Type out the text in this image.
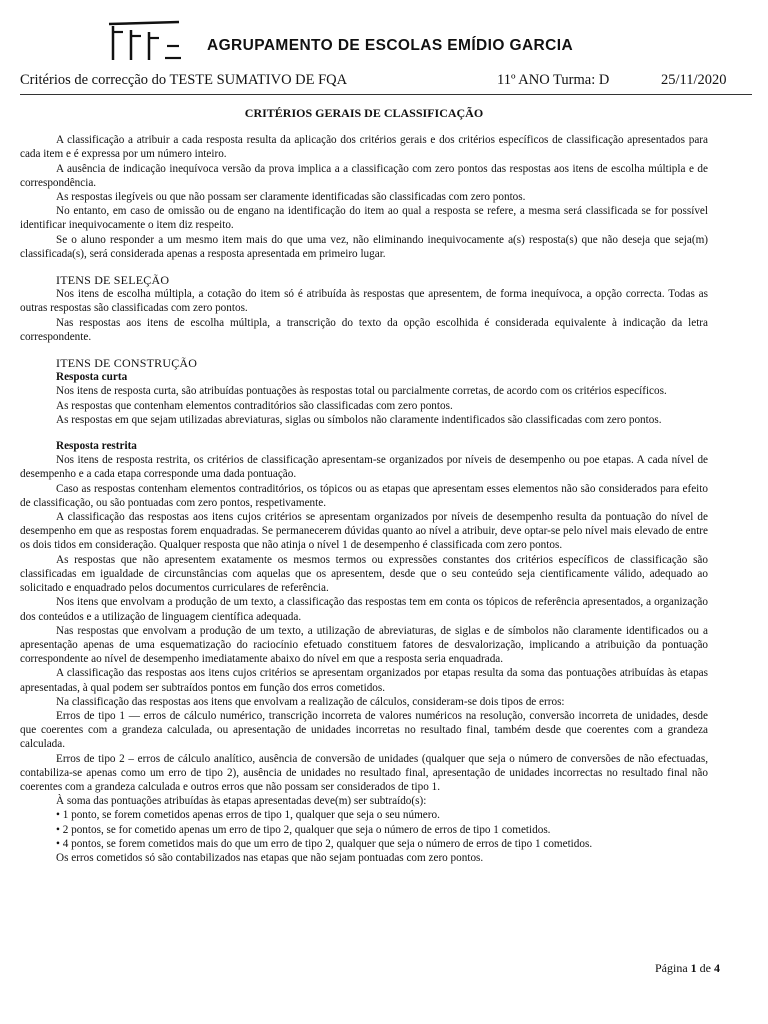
AGRUPAMENTO DE ESCOLAS EMÍDIO GARCIA
Critérios de correcção do TESTE SUMATIVO DE FQA	11º ANO Turma: D	25/11/2020
CRITÉRIOS GERAIS DE CLASSIFICAÇÃO

A classificação a atribuir a cada resposta resulta da aplicação dos critérios gerais e dos critérios específicos de classificação apresentados para cada item e é expressa por um número inteiro.

A ausência de indicação inequívoca versão da prova implica a a classificação com zero pontos das respostas aos itens de escolha múltipla e de correspondência.

As respostas ilegíveis ou que não possam ser claramente identificadas são classificadas com zero pontos.

No entanto, em caso de omissão ou de engano na identificação do item ao qual a resposta se refere, a mesma será classificada se for possível identificar inequivocamente o item diz respeito.

Se o aluno responder a um mesmo item mais do que uma vez, não eliminando inequivocamente a(s) resposta(s) que não deseja que seja(m) classificada(s), será considerada apenas a resposta apresentada em primeiro lugar.

ITENS DE SELEÇÃO

Nos itens de escolha múltipla, a cotação do item só é atribuída às respostas que apresentem, de forma inequívoca, a opção correcta. Todas as outras respostas são classificadas com zero pontos.

Nas respostas aos itens de escolha múltipla, a transcrição do texto da opção escolhida é considerada equivalente à indicação da letra correspondente.

ITENS DE CONSTRUÇÃO
Resposta curta

Nos itens de resposta curta, são atribuídas pontuações às respostas total ou parcialmente corretas, de acordo com os critérios específicos.

As respostas que contenham elementos contraditórios são classificadas com zero pontos.

As respostas em que sejam utilizadas abreviaturas, siglas ou símbolos não claramente indentificados são classificadas com zero pontos.

Resposta restrita

Nos itens de resposta restrita, os critérios de classificação apresentam-se organizados por níveis de desempenho ou poe etapas. A cada nível de desempenho e a cada etapa corresponde uma dada pontuação.

Caso as respostas contenham elementos contraditórios, os tópicos ou as etapas que apresentam esses elementos não são considerados para efeito de classificação, ou são pontuadas com zero pontos, respetivamente.

A classificação das respostas aos itens cujos critérios se apresentam organizados por níveis de desempenho resulta da pontuação do nível de desempenho em que as respostas forem enquadradas. Se permanecerem dúvidas quanto ao nível a atribuir, deve optar-se pelo nível mais elevado de entre os dois tidos em consideração. Qualquer resposta que não atinja o nível 1 de desempenho é classificada com zero pontos.

As respostas que não apresentem exatamente os mesmos termos ou expressões constantes dos critérios específicos de classificação são classificadas em igualdade de circunstâncias com aquelas que os apresentem, desde que o seu conteúdo seja cientificamente válido, adequado ao solicitado e enquadrado pelos documentos curriculares de referência.

Nos itens que envolvam a produção de um texto, a classificação das respostas tem em conta os tópicos de referência apresentados, a organização dos conteúdos e a utilização de linguagem científica adequada.

Nas respostas que envolvam a produção de um texto, a utilização de abreviaturas, de siglas e de símbolos não claramente identificados ou a apresentação apenas de uma esquematização do raciocínio efetuado constituem fatores de desvalorização, implicando a atribuição da pontuação correspondente ao nível de desempenho imediatamente abaixo do nível em que a resposta seria enquadrada.

A classificação das respostas aos itens cujos critérios se apresentam organizados por etapas resulta da soma das pontuações atribuídas às etapas apresentadas, à qual podem ser subtraídos pontos em função dos erros cometidos.

Na classificação das respostas aos itens que envolvam a realização de cálculos, consideram-se dois tipos de erros:

Erros de tipo 1 — erros de cálculo numérico, transcrição incorreta de valores numéricos na resolução, conversão incorreta de unidades, desde que coerentes com a grandeza calculada, ou apresentação de unidades incorretas no resultado final, também desde que coerentes com a grandeza calculada.

Erros de tipo 2 – erros de cálculo analítico, ausência de conversão de unidades (qualquer que seja o número de conversões de não efectuadas, contabiliza-se apenas como um erro de tipo 2), ausência de unidades no resultado final, apresentação de unidades incorrectas no resultado final não coerentes com a grandeza calculada e outros erros que não possam ser considerados de tipo 1.

À soma das pontuações atribuídas às etapas apresentadas deve(m) ser subtraído(s):

• 1 ponto, se forem cometidos apenas erros de tipo 1, qualquer que seja o seu número.

• 2 pontos, se for cometido apenas um erro de tipo 2, qualquer que seja o número de erros de tipo 1 cometidos.

• 4 pontos, se forem cometidos mais do que um erro de tipo 2, qualquer que seja o número de erros de tipo 1 cometidos.

Os erros cometidos só são contabilizados nas etapas que não sejam pontuadas com zero pontos.

Página 1 de 4
